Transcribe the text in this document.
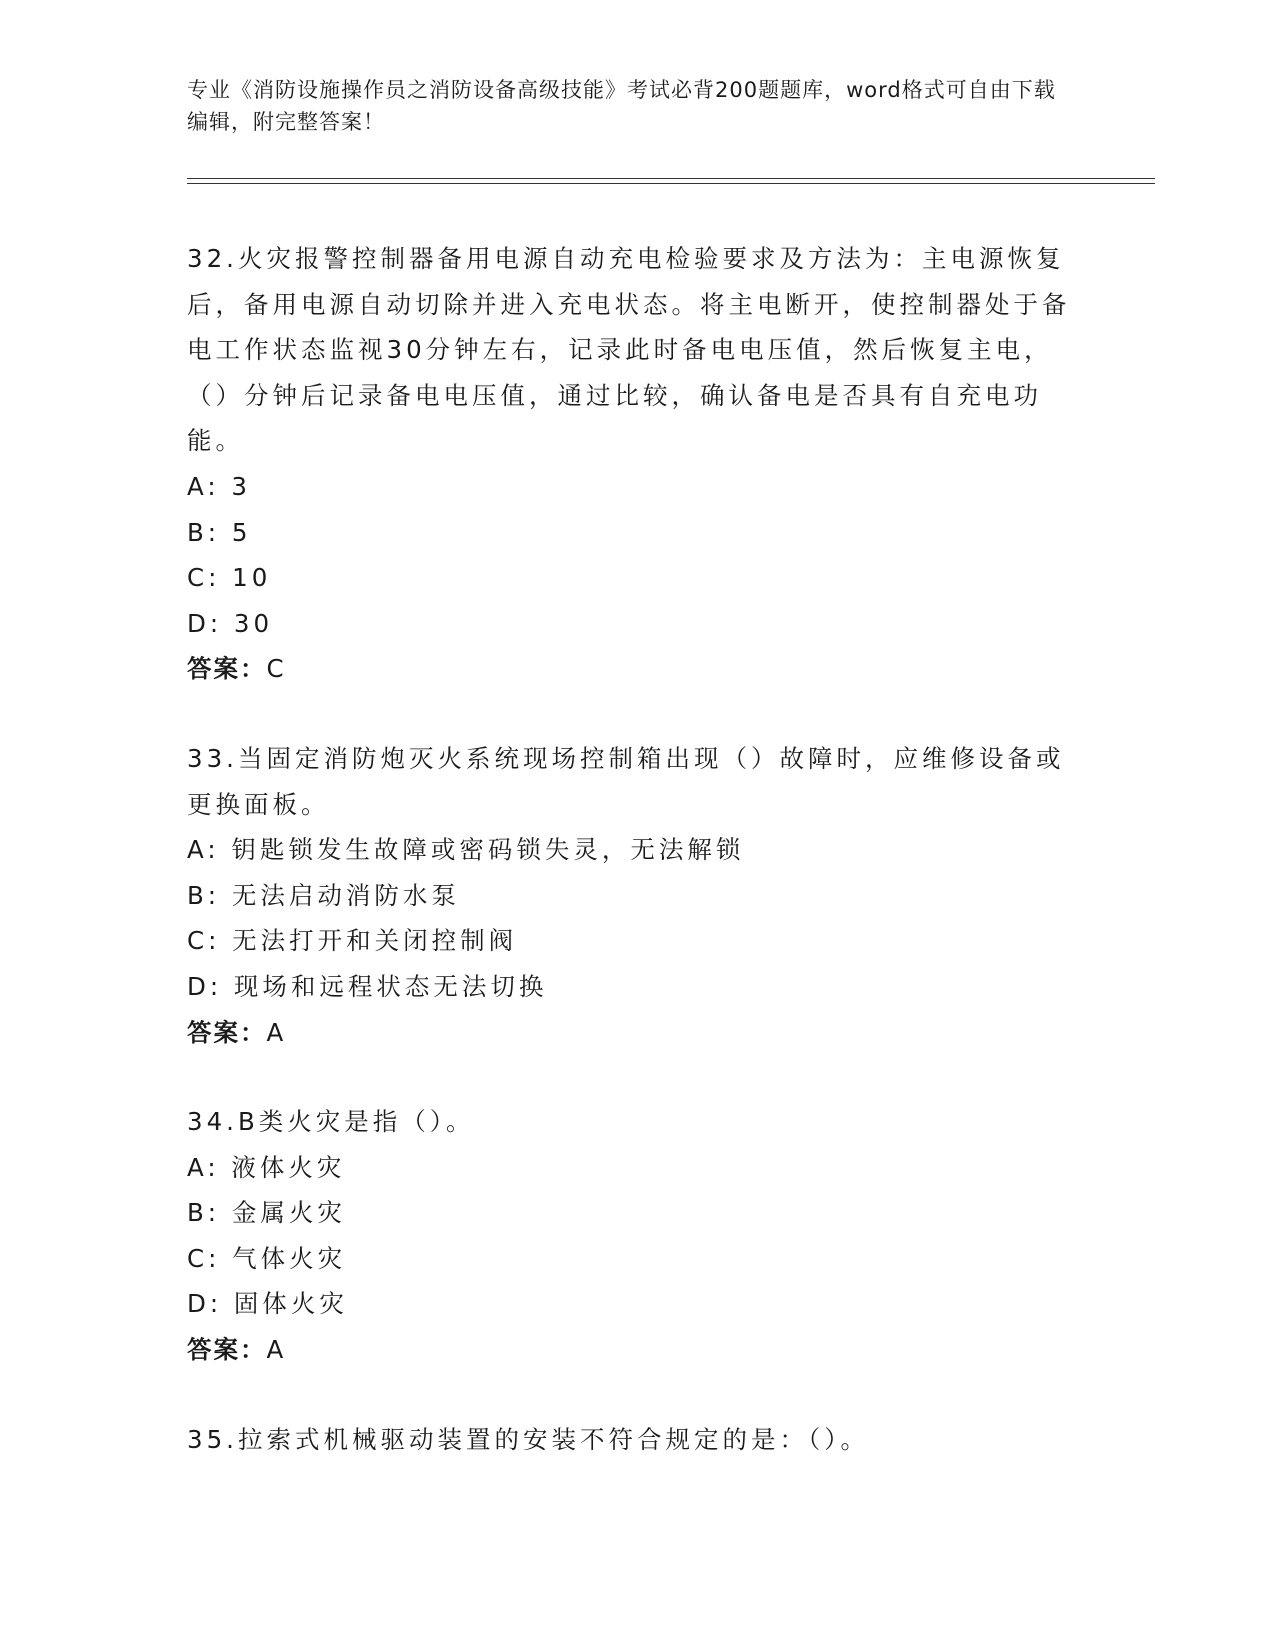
专业《消防设施操作员之消防设备高级技能》考试必背200题题库，word格式可自由下载编辑，附完整答案！

32.火灾报警控制器备用电源自动充电检验要求及方法为：主电源恢复后，备用电源自动切除并进入充电状态。将主电断开，使控制器处于备电工作状态监视30分钟左右，记录此时备电电压值，然后恢复主电，（）分钟后记录备电电压值，通过比较，确认备电是否具有自充电功能。

A: 3

B: 5

C: 10

D: 30

答案：C

33.当固定消防炮灭火系统现场控制箱出现（）故障时，应维修设备或更换面板。

A: 钥匙锁发生故障或密码锁失灵，无法解锁

B: 无法启动消防水泵

C: 无法打开和关闭控制阀

D: 现场和远程状态无法切换

答案：A

34.B类火灾是指（）。

A: 液体火灾

B: 金属火灾

C: 气体火灾

D: 固体火灾

答案：A

35.拉索式机械驱动装置的安装不符合规定的是：（）。
